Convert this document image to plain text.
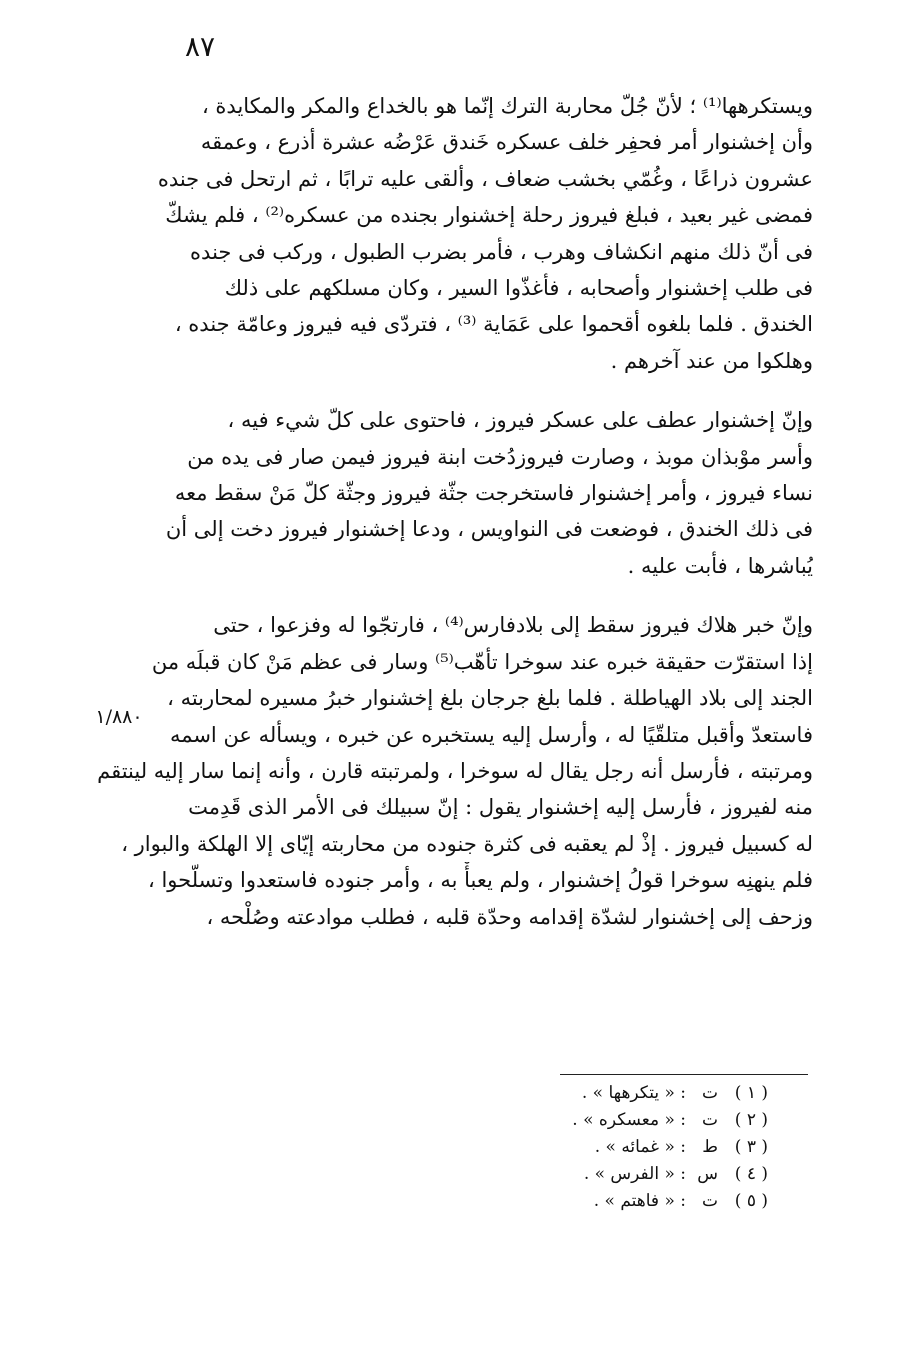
٨٧

ويستكرهها⁽¹⁾ ؛ لأنّ جُلّ محاربة الترك إنّما هو بالخداع والمكر والمكايدة ،
وأن إخشنوار أمر فحفِر خلف عسكره خَندق عَرْضُه عشرة أذرع ، وعمقه
عشرون ذراعًا ، وغُمّي بخشب ضعاف ، وألقى عليه ترابًا ، ثم ارتحل فى جنده
فمضى غير بعيد ، فبلغ فيروز رحلة إخشنوار بجنده من عسكره⁽²⁾ ، فلم يشكّ
فى أنّ ذلك منهم انكشاف وهرب ، فأمر بضرب الطبول ، وركب فى جنده
فى طلب إخشنوار وأصحابه ، فأغذّوا السير ، وكان مسلكهم على ذلك
الخندق . فلما بلغوه أقحموا على عَمَاية ⁽³⁾ ، فتردّى فيه فيروز وعامّة جنده ،
وهلكوا من عند آخرهم .

وإنّ إخشنوار عطف على عسكر فيروز ، فاحتوى على كلّ شيء فيه ،
وأسر موْبذان موبذ ، وصارت فيروزدُخت ابنة فيروز فيمن صار فى يده من
نساء فيروز ، وأمر إخشنوار فاستخرجت جثّة فيروز وجثّة كلّ مَنْ سقط معه
فى ذلك الخندق ، فوضعت فى النواويس ، ودعا إخشنوار فيروز دخت إلى أن
يُباشرها ، فأبت عليه .

وإنّ خبر هلاك فيروز سقط إلى بلادفارس⁽⁴⁾ ، فارتجّوا له وفزعوا ، حتى
إذا استقرّت حقيقة خبره عند سوخرا تأهّب⁽⁵⁾ وسار فى عظم مَنْ كان قبلَه من
الجند إلى بلاد الهياطلة . فلما بلغ جرجان بلغ إخشنوار خبرُ مسيره لمحاربته ،
فاستعدّ وأقبل متلقّيًا له ، وأرسل إليه يستخبره عن خبره ، ويسأله عن اسمه
ومرتبته ، فأرسل أنه رجل يقال له سوخرا ، ولمرتبته قارن ، وأنه إنما سار إليه لينتقم
منه لفيروز ، فأرسل إليه إخشنوار يقول : إنّ سبيلك فى الأمر الذى قَدِمت
له كسبيل فيروز . إذْ لم يعقبه فى كثرة جنوده من محاربته إيّاى إلا الهلكة والبوار ،
فلم ينهنِه سوخرا قولُ إخشنوار ، ولم يعبأْ به ، وأمر جنوده فاستعدوا وتسلّحوا ،
وزحف إلى إخشنوار لشدّة إقدامه وحدّة قلبه ، فطلب موادعته وصُلْحه ،

١/٨٨٠
( ١ )
ت
: « يتكرهها » .
( ٢ )
ت
: « معسكره » .
( ٣ )
ط
: « غمائه » .
( ٤ )
س
: « الفرس » .
( ٥ )
ت
: « فاهتم » .
